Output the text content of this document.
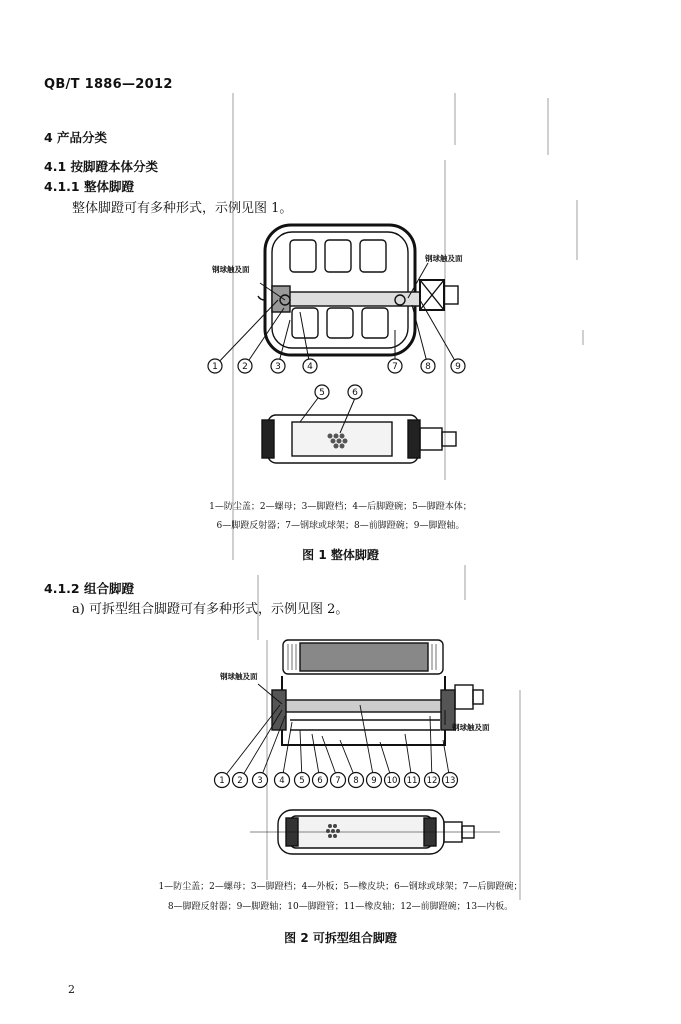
QB/T 1886—2012
4 产品分类
4.1 按脚蹬本体分类
4.1.1 整体脚蹬
整体脚蹬可有多种形式，示例见图 1。
1	2	3	4	7	8	9
钢球触及面
钢球触及面
5	6
1—防尘盖；2—螺母；3—脚蹬档；4—后脚蹬碗；5—脚蹬本体；
6—脚蹬反射器；7—钢球或球架；8—前脚蹬碗；9—脚蹬轴。
图 1 整体脚蹬
4.1.2 组合脚蹬
a) 可拆型组合脚蹬可有多种形式，示例见图 2。
1 2 3 4 5 6 7 8 9 10 11 12 13
钢球触及面
钢球触及面
1—防尘盖；2—螺母；3—脚蹬档；4—外板；5—橡皮块；6—钢球或球架；7—后脚蹬碗；
8—脚蹬反射器；9—脚蹬轴；10—脚蹬管；11—橡皮轴；12—前脚蹬碗；13—内板。
图 2 可拆型组合脚蹬
2
